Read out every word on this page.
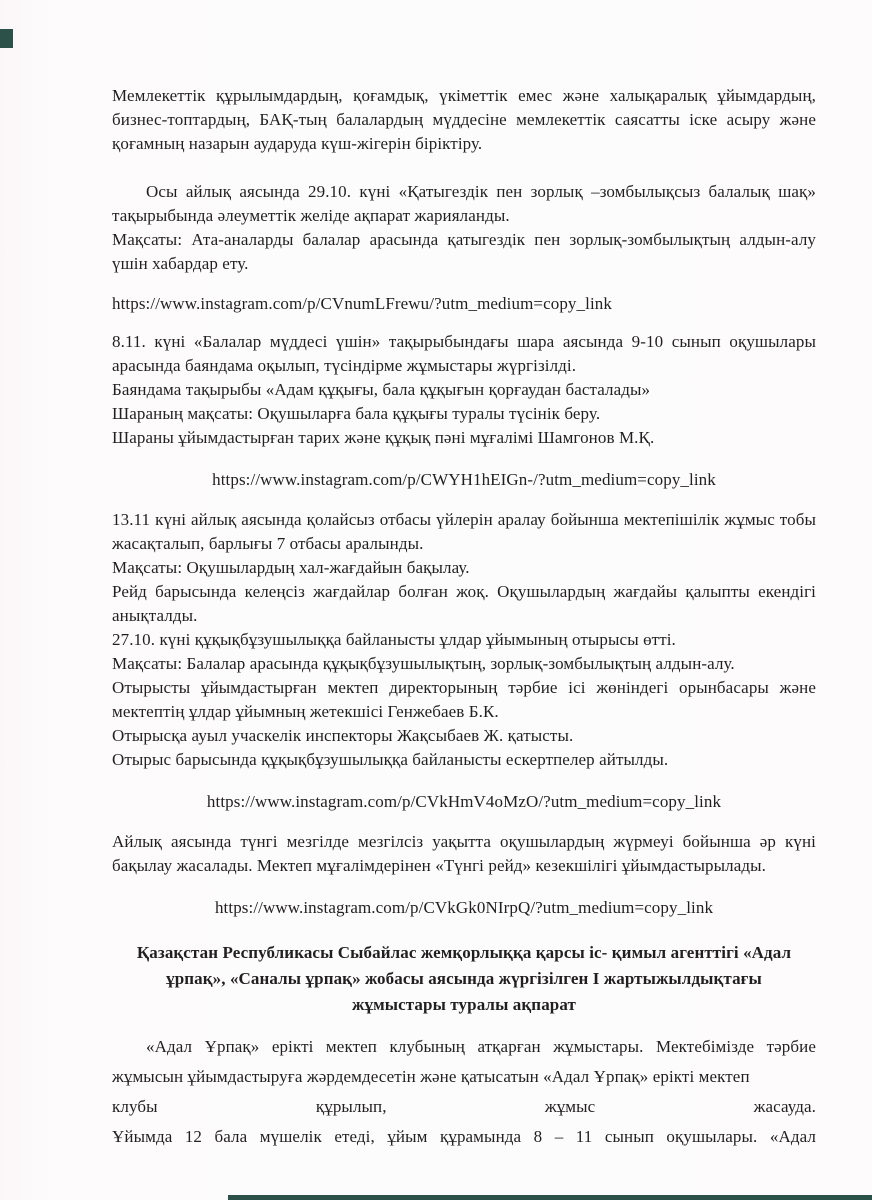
Мемлекеттік құрылымдардың, қоғамдық, үкіметтік емес және халықаралық ұйымдардың, бизнес-топтардың, БАҚ-тың балалардың мүддесіне мемлекеттік саясатты іске асыру және қоғамның назарын аударуда күш-жігерін біріктіру.

Осы айлық аясында 29.10. күні «Қатыгездік пен зорлық –зомбылықсыз балалық шақ» тақырыбында әлеуметтік желіде ақпарат жарияланды.

Мақсаты: Ата-аналарды балалар арасында қатыгездік пен зорлық-зомбылықтың алдын-алу үшін хабардар ету.

https://www.instagram.com/p/CVnumLFrewu/?utm_medium=copy_link

8.11. күні «Балалар мүддесі үшін» тақырыбындағы шара аясында 9-10 сынып оқушылары арасында баяндама оқылып, түсіндірме жұмыстары жүргізілді.

Баяндама тақырыбы «Адам құқығы, бала құқығын қорғаудан басталады»

Шараның мақсаты: Оқушыларға бала құқығы туралы түсінік беру.

Шараны ұйымдастырған тарих және құқық пәні мұғалімі Шамгонов М.Қ.

https://www.instagram.com/p/CWYH1hEIGn-/?utm_medium=copy_link

13.11 күні айлық аясында қолайсыз отбасы үйлерін аралау бойынша мектепішілік жұмыс тобы жасақталып, барлығы 7 отбасы аралынды.

Мақсаты: Оқушылардың хал-жағдайын бақылау.

Рейд барысында келеңсіз жағдайлар болған жоқ. Оқушылардың жағдайы қалыпты екендігі анықталды.

27.10. күні құқықбұзушылыққа байланысты ұлдар ұйымының отырысы өтті.

Мақсаты: Балалар арасында құқықбұзушылықтың, зорлық-зомбылықтың алдын-алу.

Отырысты ұйымдастырған мектеп директорының тәрбие ісі жөніндегі орынбасары және мектептің ұлдар ұйымның жетекшісі Генжебаев Б.К.

Отырысқа ауыл учаскелік инспекторы Жақсыбаев Ж. қатысты.

Отырыс барысында құқықбұзушылыққа байланысты ескертпелер айтылды.

https://www.instagram.com/p/CVkHmV4oMzO/?utm_medium=copy_link

Айлық аясында түнгі мезгілде мезгілсіз уақытта оқушылардың жүрмеуі бойынша әр күні бақылау жасалады. Мектеп мұғалімдерінен «Түнгі рейд» кезекшілігі ұйымдастырылады.

https://www.instagram.com/p/CVkGk0NIrpQ/?utm_medium=copy_link

Қазақстан Республикасы Сыбайлас жемқорлыққа қарсы іс- қимыл агенттігі «Адал ұрпақ», «Саналы ұрпақ» жобасы аясында жүргізілген I жартыжылдықтағы жұмыстары туралы ақпарат

«Адал Ұрпақ» ерікті мектеп клубының атқарған жұмыстары. Мектебімізде тәрбие жұмысын ұйымдастыруға жәрдемдесетін және қатысатын «Адал Ұрпақ» ерікті мектеп

клубы құрылып, жұмыс жасауда.

Ұйымда 12 бала мүшелік етеді, ұйым құрамында 8 – 11 сынып оқушылары. «Адал
